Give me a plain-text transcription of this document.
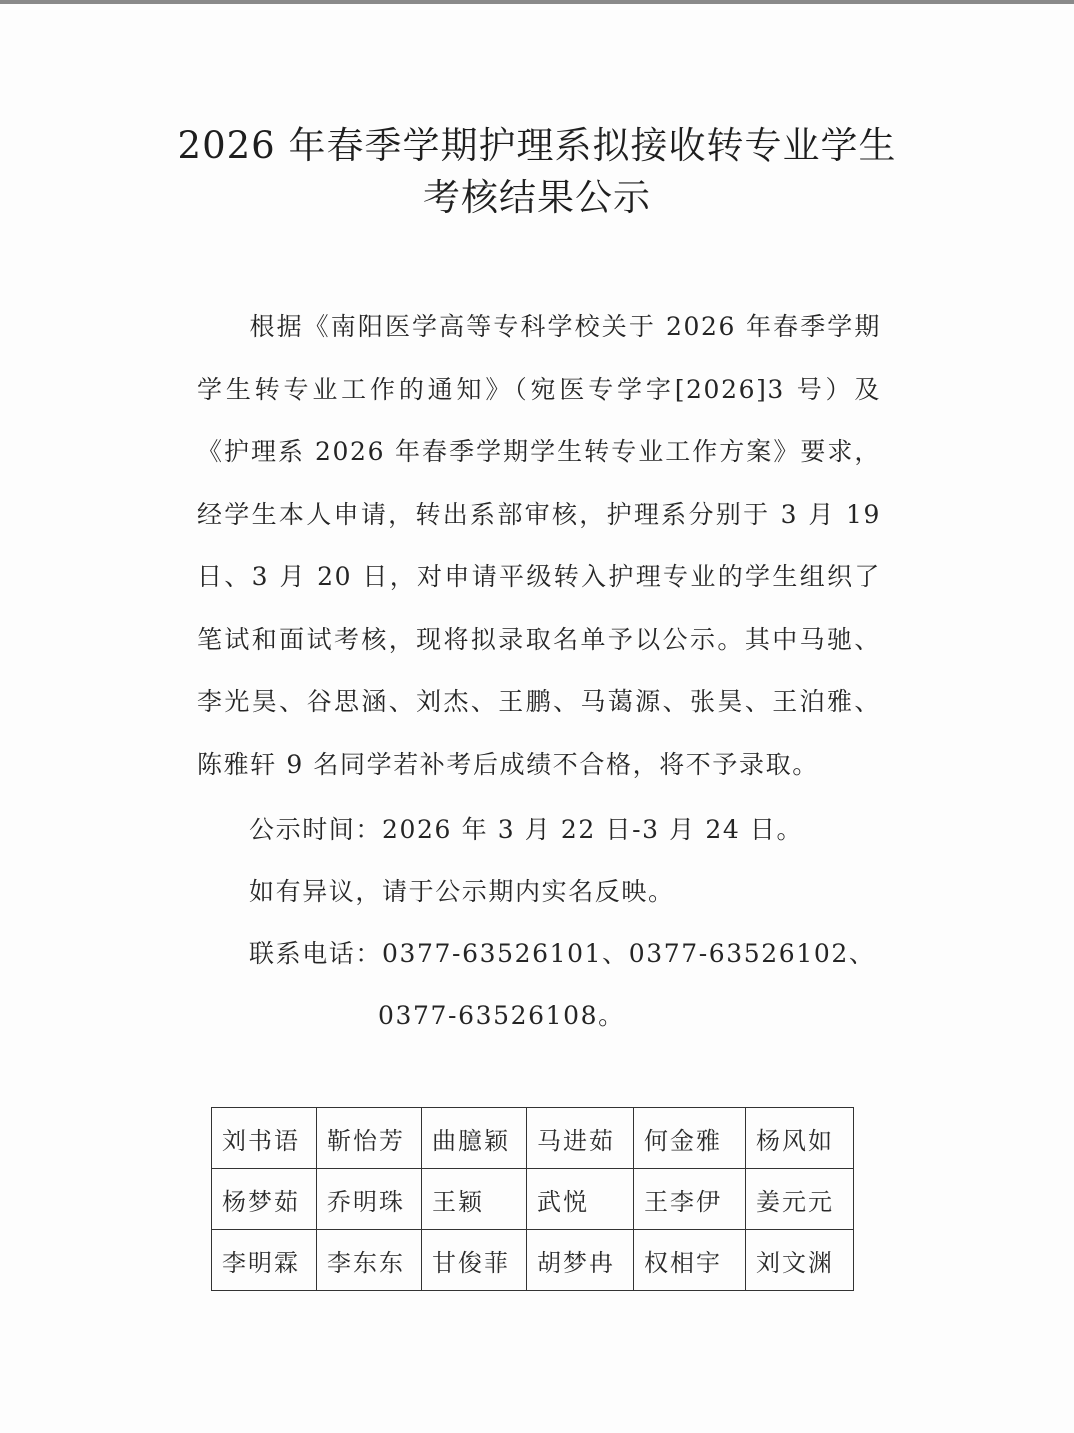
2026 年春季学期护理系拟接收转专业学生
考核结果公示
根据《南阳医学高等专科学校关于 2026 年春季学期学生转专业工作的通知》（宛医专学字[2026]3 号）及《护理系 2026 年春季学期学生转专业工作方案》要求，经学生本人申请，转出系部审核，护理系分别于 3 月 19 日、3 月 20 日，对申请平级转入护理专业的学生组织了笔试和面试考核，现将拟录取名单予以公示。其中马驰、李光昊、谷思涵、刘杰、王鹏、马蔼源、张昊、王泊雅、陈雅轩 9 名同学若补考后成绩不合格，将不予录取。
公示时间：2026 年 3 月 22 日-3 月 24 日。
如有异议，请于公示期内实名反映。
联系电话：0377-63526101、0377-63526102、
0377-63526108。
刘书语	靳怡芳	曲臆颖	马进茹	何金雅	杨风如
杨梦茹	乔明珠	王颖	武悦	王李伊	姜元元
李明霖	李东东	甘俊菲	胡梦冉	权相宇	刘文渊
